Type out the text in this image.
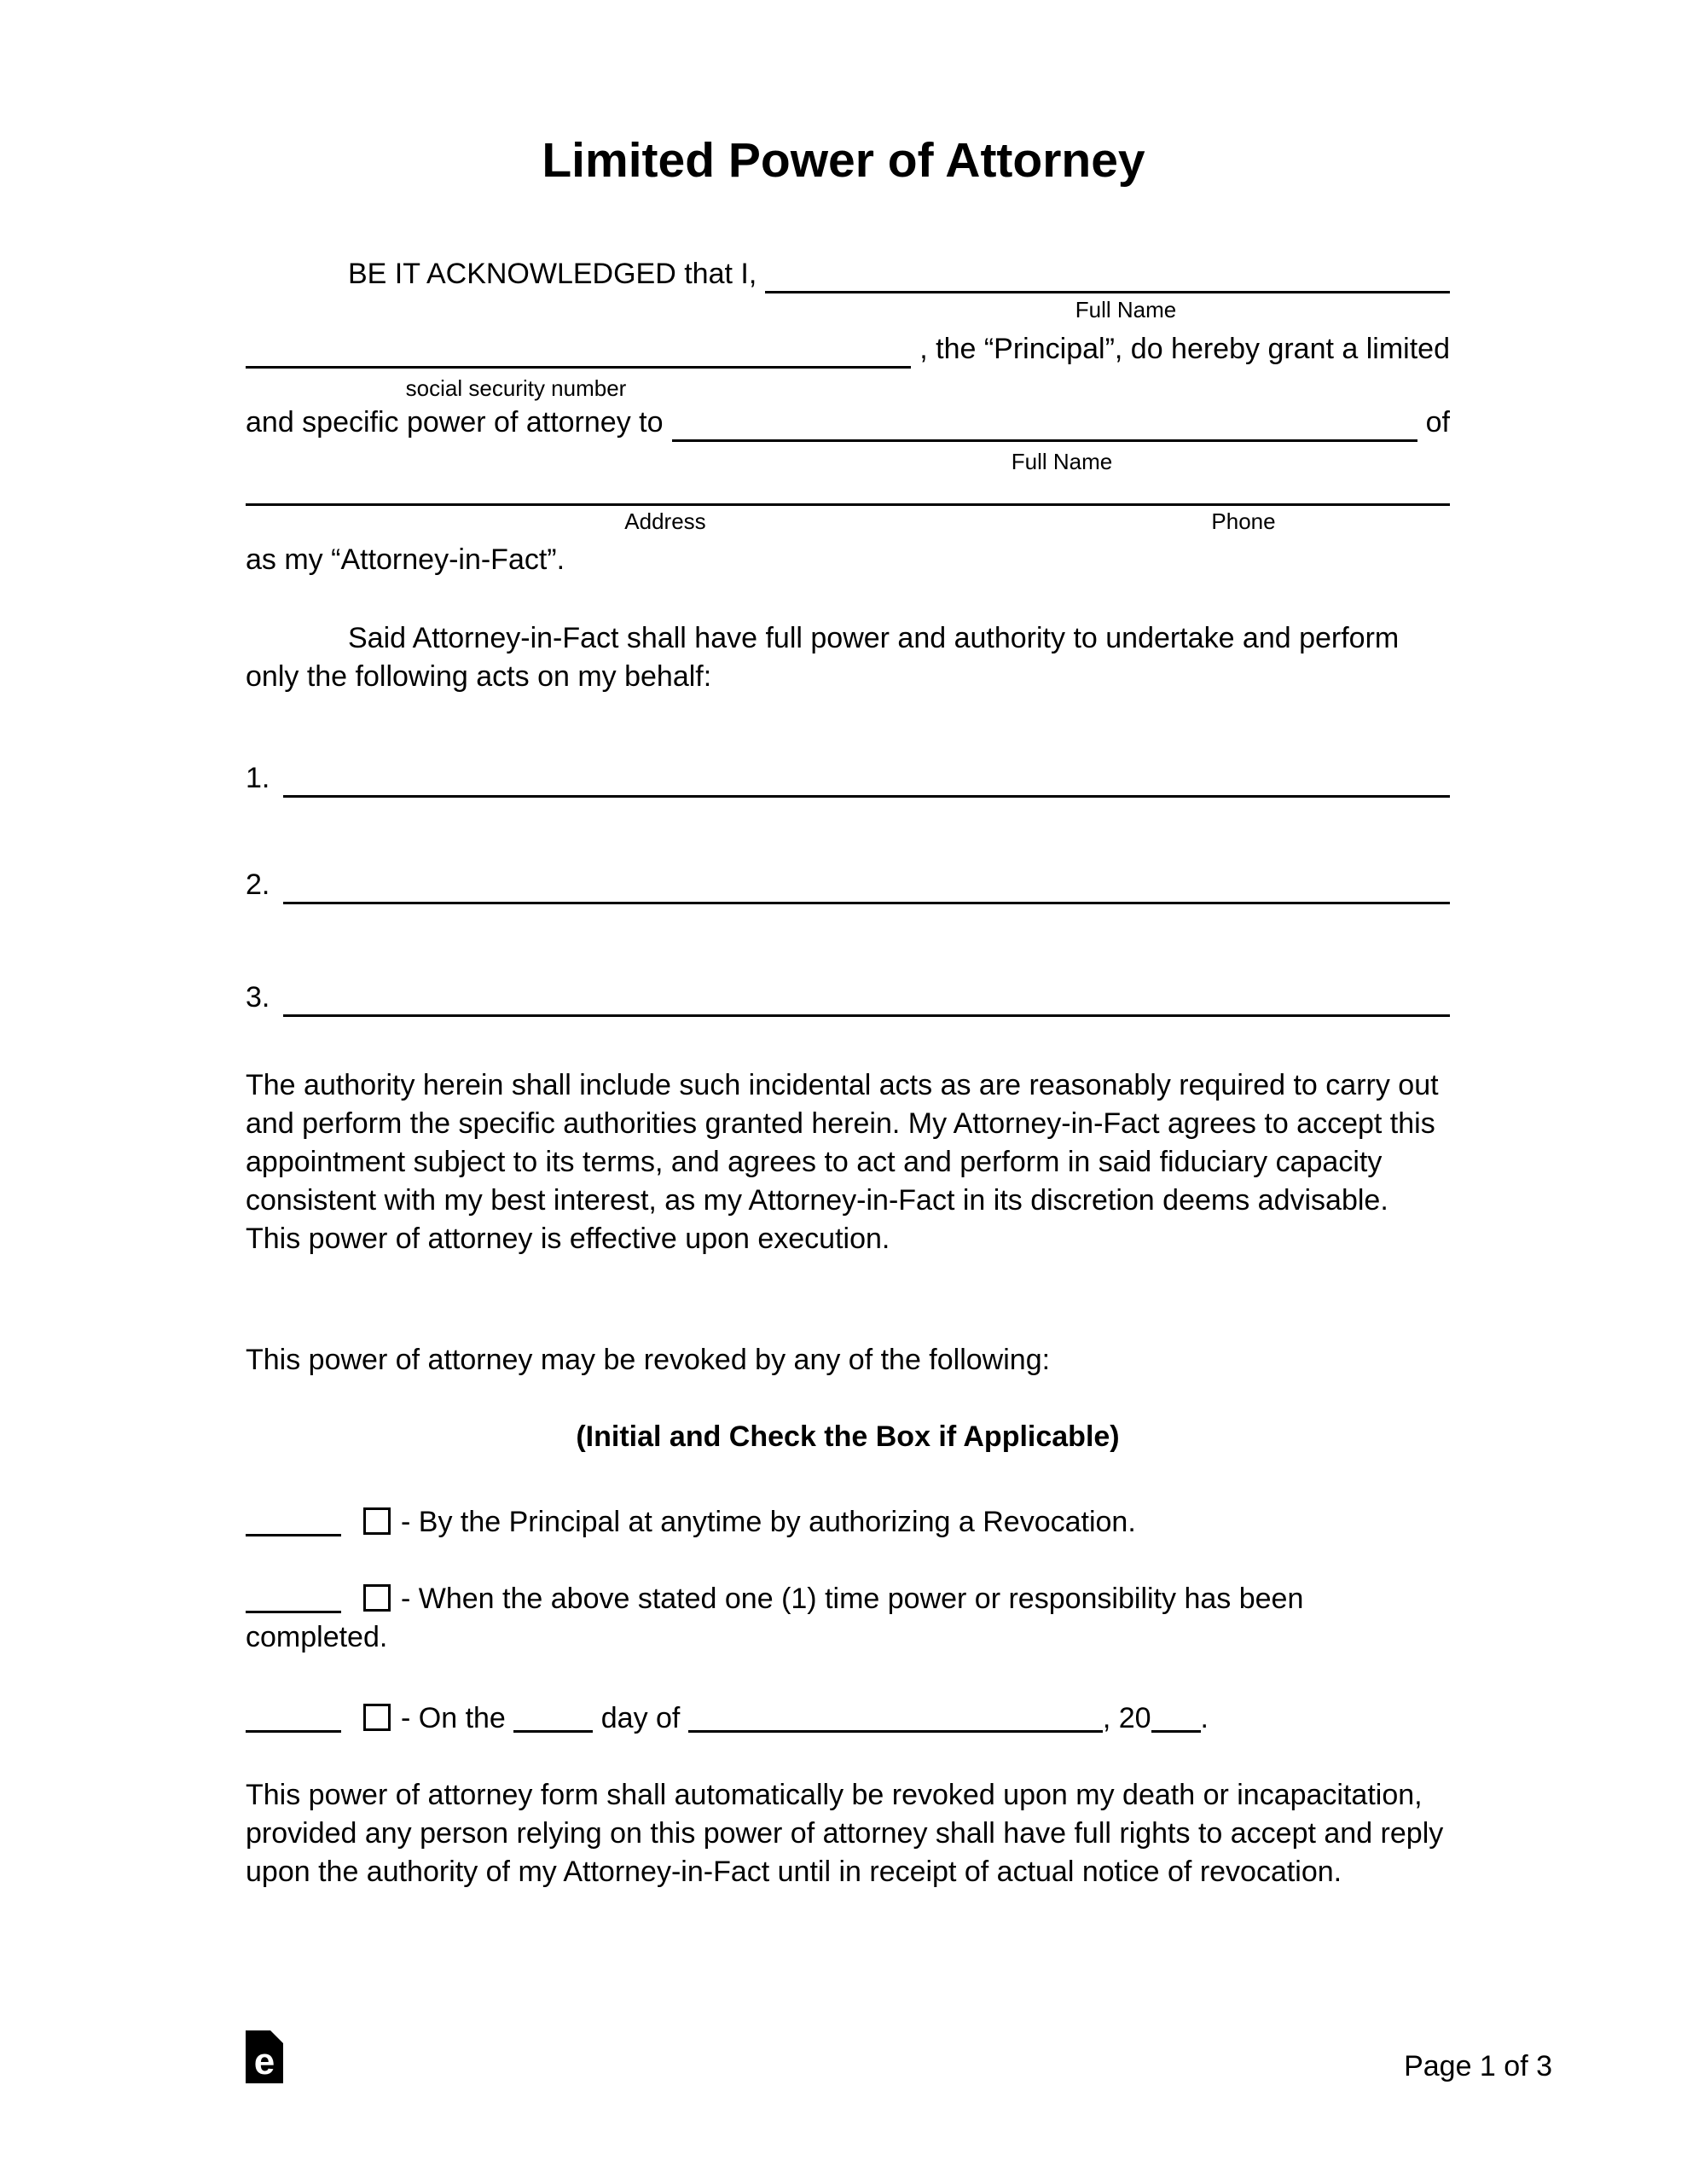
Limited Power of Attorney
BE IT ACKNOWLEDGED that I,
Full Name
, the “Principal”, do hereby grant a limited
social security number
and specific power of attorney to	of
Full Name
Address	Phone
as my “Attorney-in-Fact”.

Said Attorney-in-Fact shall have full power and authority to undertake and perform only the following acts on my behalf:

1.
2.
3.

The authority herein shall include such incidental acts as are reasonably required to carry out and perform the specific authorities granted herein. My Attorney-in-Fact agrees to accept this appointment subject to its terms, and agrees to act and perform in said fiduciary capacity consistent with my best interest, as my Attorney-in-Fact in its discretion deems advisable. This power of attorney is effective upon execution.

This power of attorney may be revoked by any of the following:

(Initial and Check the Box if Applicable)

- By the Principal at anytime by authorizing a Revocation.

- When the above stated one (1) time power or responsibility has been completed.

- On the	day of	, 20 .

This power of attorney form shall automatically be revoked upon my death or incapacitation, provided any person relying on this power of attorney shall have full rights to accept and reply upon the authority of my Attorney-in-Fact until in receipt of actual notice of revocation.

e	Page 1 of 3
